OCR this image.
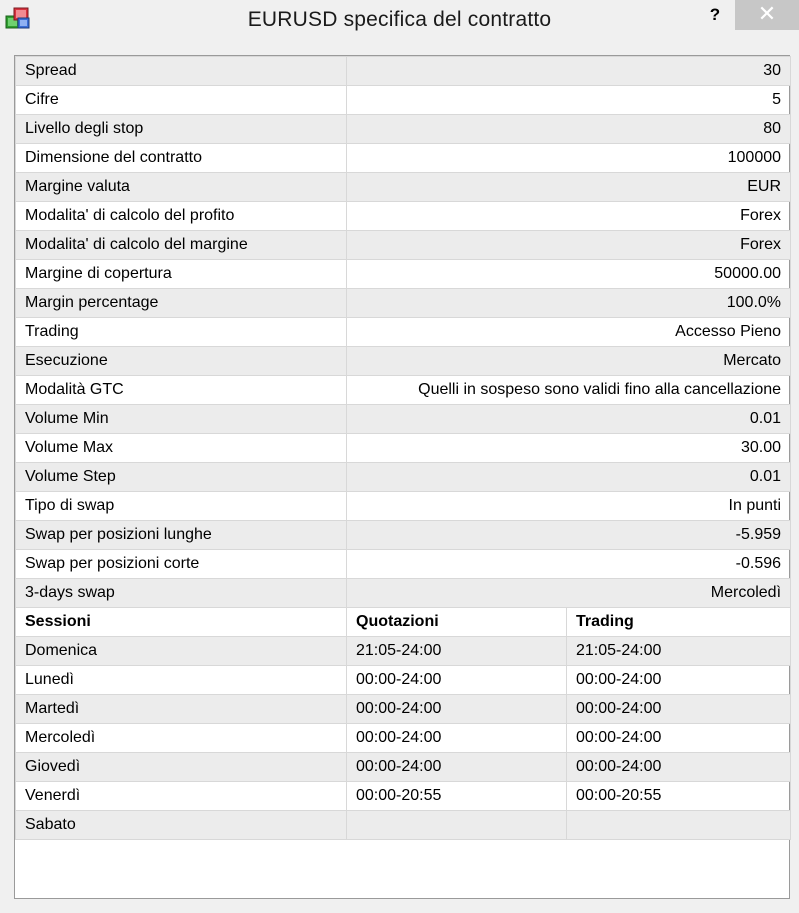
EURUSD specifica del contratto	?	✕
Spread	30	
Cifre	5	
Livello degli stop	80	
Dimensione del contratto	100000	
Margine valuta	EUR	
Modalita' di calcolo del profito	Forex	
Modalita' di calcolo del margine	Forex	
Margine di copertura	50000.00	
Margin percentage	100.0%	
Trading	Accesso Pieno	
Esecuzione	Mercato	
Modalità GTC	Quelli in sospeso sono validi fino alla cancellazione	
Volume Min	0.01	
Volume Max	30.00	
Volume Step	0.01	
Tipo di swap	In punti	
Swap per posizioni lunghe	-5.959	
Swap per posizioni corte	-0.596	
3-days swap	Mercoledì	
Sessioni	Quotazioni	Trading
Domenica	21:05-24:00	21:05-24:00
Lunedì	00:00-24:00	00:00-24:00
Martedì	00:00-24:00	00:00-24:00
Mercoledì	00:00-24:00	00:00-24:00
Giovedì	00:00-24:00	00:00-24:00
Venerdì	00:00-20:55	00:00-20:55
Sabato		
